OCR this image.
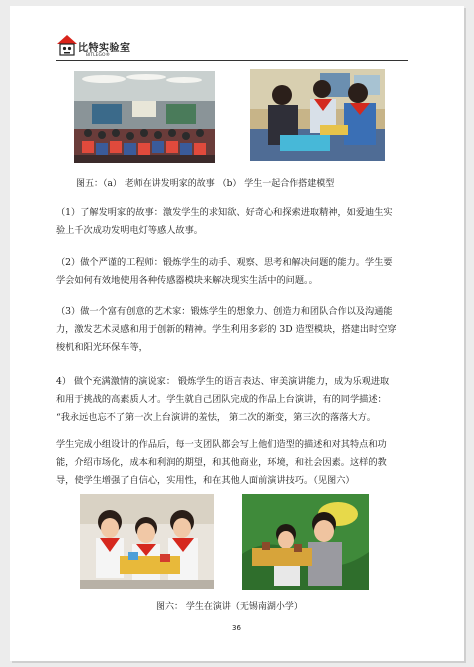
比特实验室
BITLEGO®
图五：（a） 老师在讲发明家的故事 （b） 学生一起合作搭建模型
（1）了解发明家的故事：激发学生的求知欲、好奇心和探索进取精神，如爱迪生实
验上千次成功发明电灯等感人故事。
（2）做个严谨的工程师：锻炼学生的动手、观察、思考和解决问题的能力。学生要
学会如何有效地使用各种传感器模块来解决现实生活中的问题。。
（3）做一个富有创意的艺术家：锻炼学生的想象力、创造力和团队合作以及沟通能
力，激发艺术灵感和用于创新的精神。学生利用多彩的 3D 造型模块，搭建出时空穿
梭机和阳光环保车等，
4） 做个充满激情的演说家： 锻炼学生的语言表达、审美演讲能力，成为乐观进取
和用于挑战的高素质人才。学生就自己团队完成的作品上台演讲，有的同学描述：
“我永远也忘不了第一次上台演讲的羞怯， 第二次的渐变，第三次的落落大方。
学生完成小组设计的作品后，每一支团队都会写上他们造型的描述和对其特点和功
能，介绍市场化，成本和利润的期望，和其他商业，环境，和社会因素。这样的教
导，使学生增强了自信心，实用性，和在其他人面前演讲技巧。（见图六）
图六： 学生在演讲（无锡南湖小学）
36
